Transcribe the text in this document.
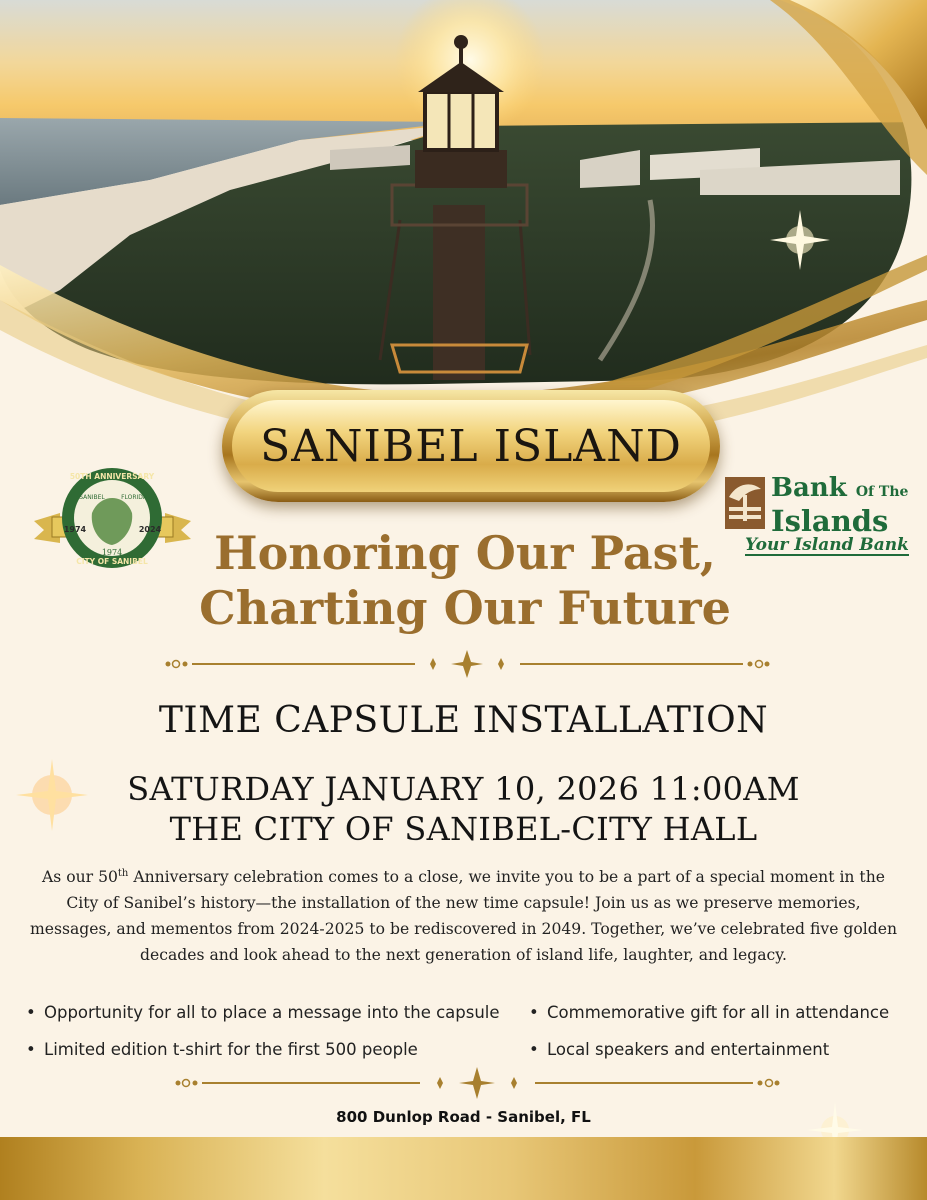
SANIBEL ISLAND
1974	2024
50TH ANNIVERSARY
CITY OF SANIBEL
SANIBEL	FLORIDA
1974
Bank Of The
Islands
Your Island Bank
Honoring Our Past,
Charting Our Future
TIME CAPSULE INSTALLATION
SATURDAY JANUARY 10, 2026 11:00AM
THE CITY OF SANIBEL-CITY HALL
As our 50th Anniversary celebration comes to a close, we invite you to be a part of a special moment in the City of Sanibel’s history—the installation of the new time capsule! Join us as we preserve memories, messages, and mementos from 2024-2025 to be rediscovered in 2049. Together, we’ve celebrated five golden decades and look ahead to the next generation of island life, laughter, and legacy.
• Opportunity for all to place a message into the capsule
• Limited edition t-shirt for the first 500 people
• Commemorative gift for all in attendance
• Local speakers and entertainment
800 Dunlop Road - Sanibel, FL
